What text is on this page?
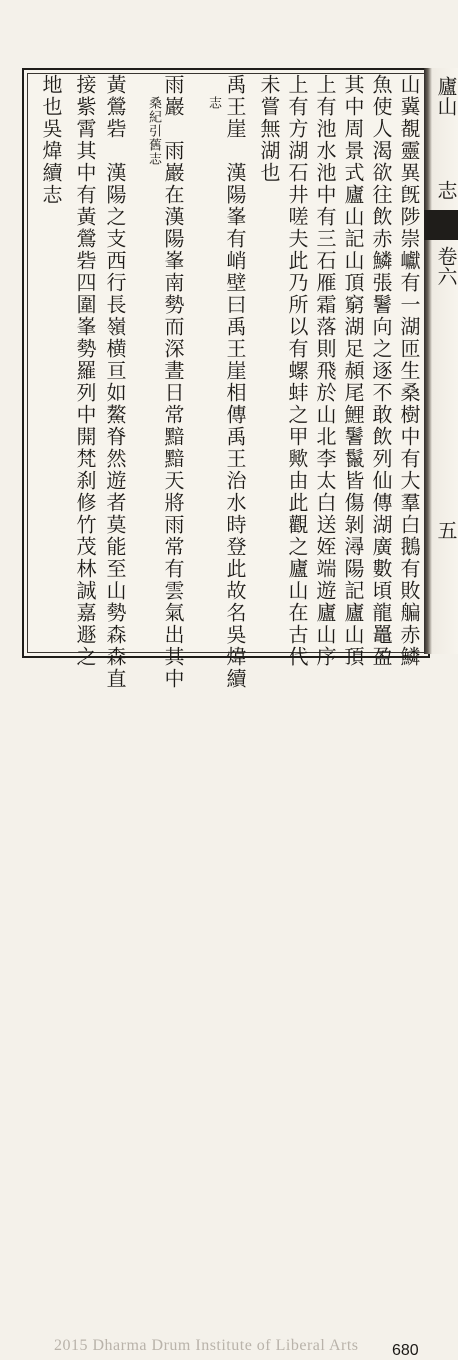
山冀覩靈異旣陟崇巘有一湖匝生桑樹中有大羣白鵝有敗艑赤鱗
魚使人渴欲往飲赤鱗張鬐向之逐不敢飲列仙傳湖廣數頃龍鼉盈
其中周景式廬山記山頂窮湖足頳尾鯉鬐鬣皆傷剝潯陽記廬山頂
上有池水池中有三石雁霜落則飛於山北李太白送姪端遊廬山序
上有方湖石井嗟夫此乃所以有螺蚌之甲歟由此觀之廬山在古代
未嘗無湖也
禹王崖　漢陽峯有峭壁曰禹王崖相傳禹王治水時登此故名吳煒續
志
雨巖　雨巖在漢陽峯南勢而深晝日常黯黯天將雨常有雲氣出其中
桑紀引舊志
黃鶯砦　漢陽之支西行長嶺横亘如鰲脊然遊者莫能至山勢森森直
接紫霄其中有黃鶯砦四圍峯勢羅列中開梵刹修竹茂林誠嘉遯之
地也吳煒續志	廬山
志
卷六
五
2015 Dharma Drum Institute of Liberal Arts 680
